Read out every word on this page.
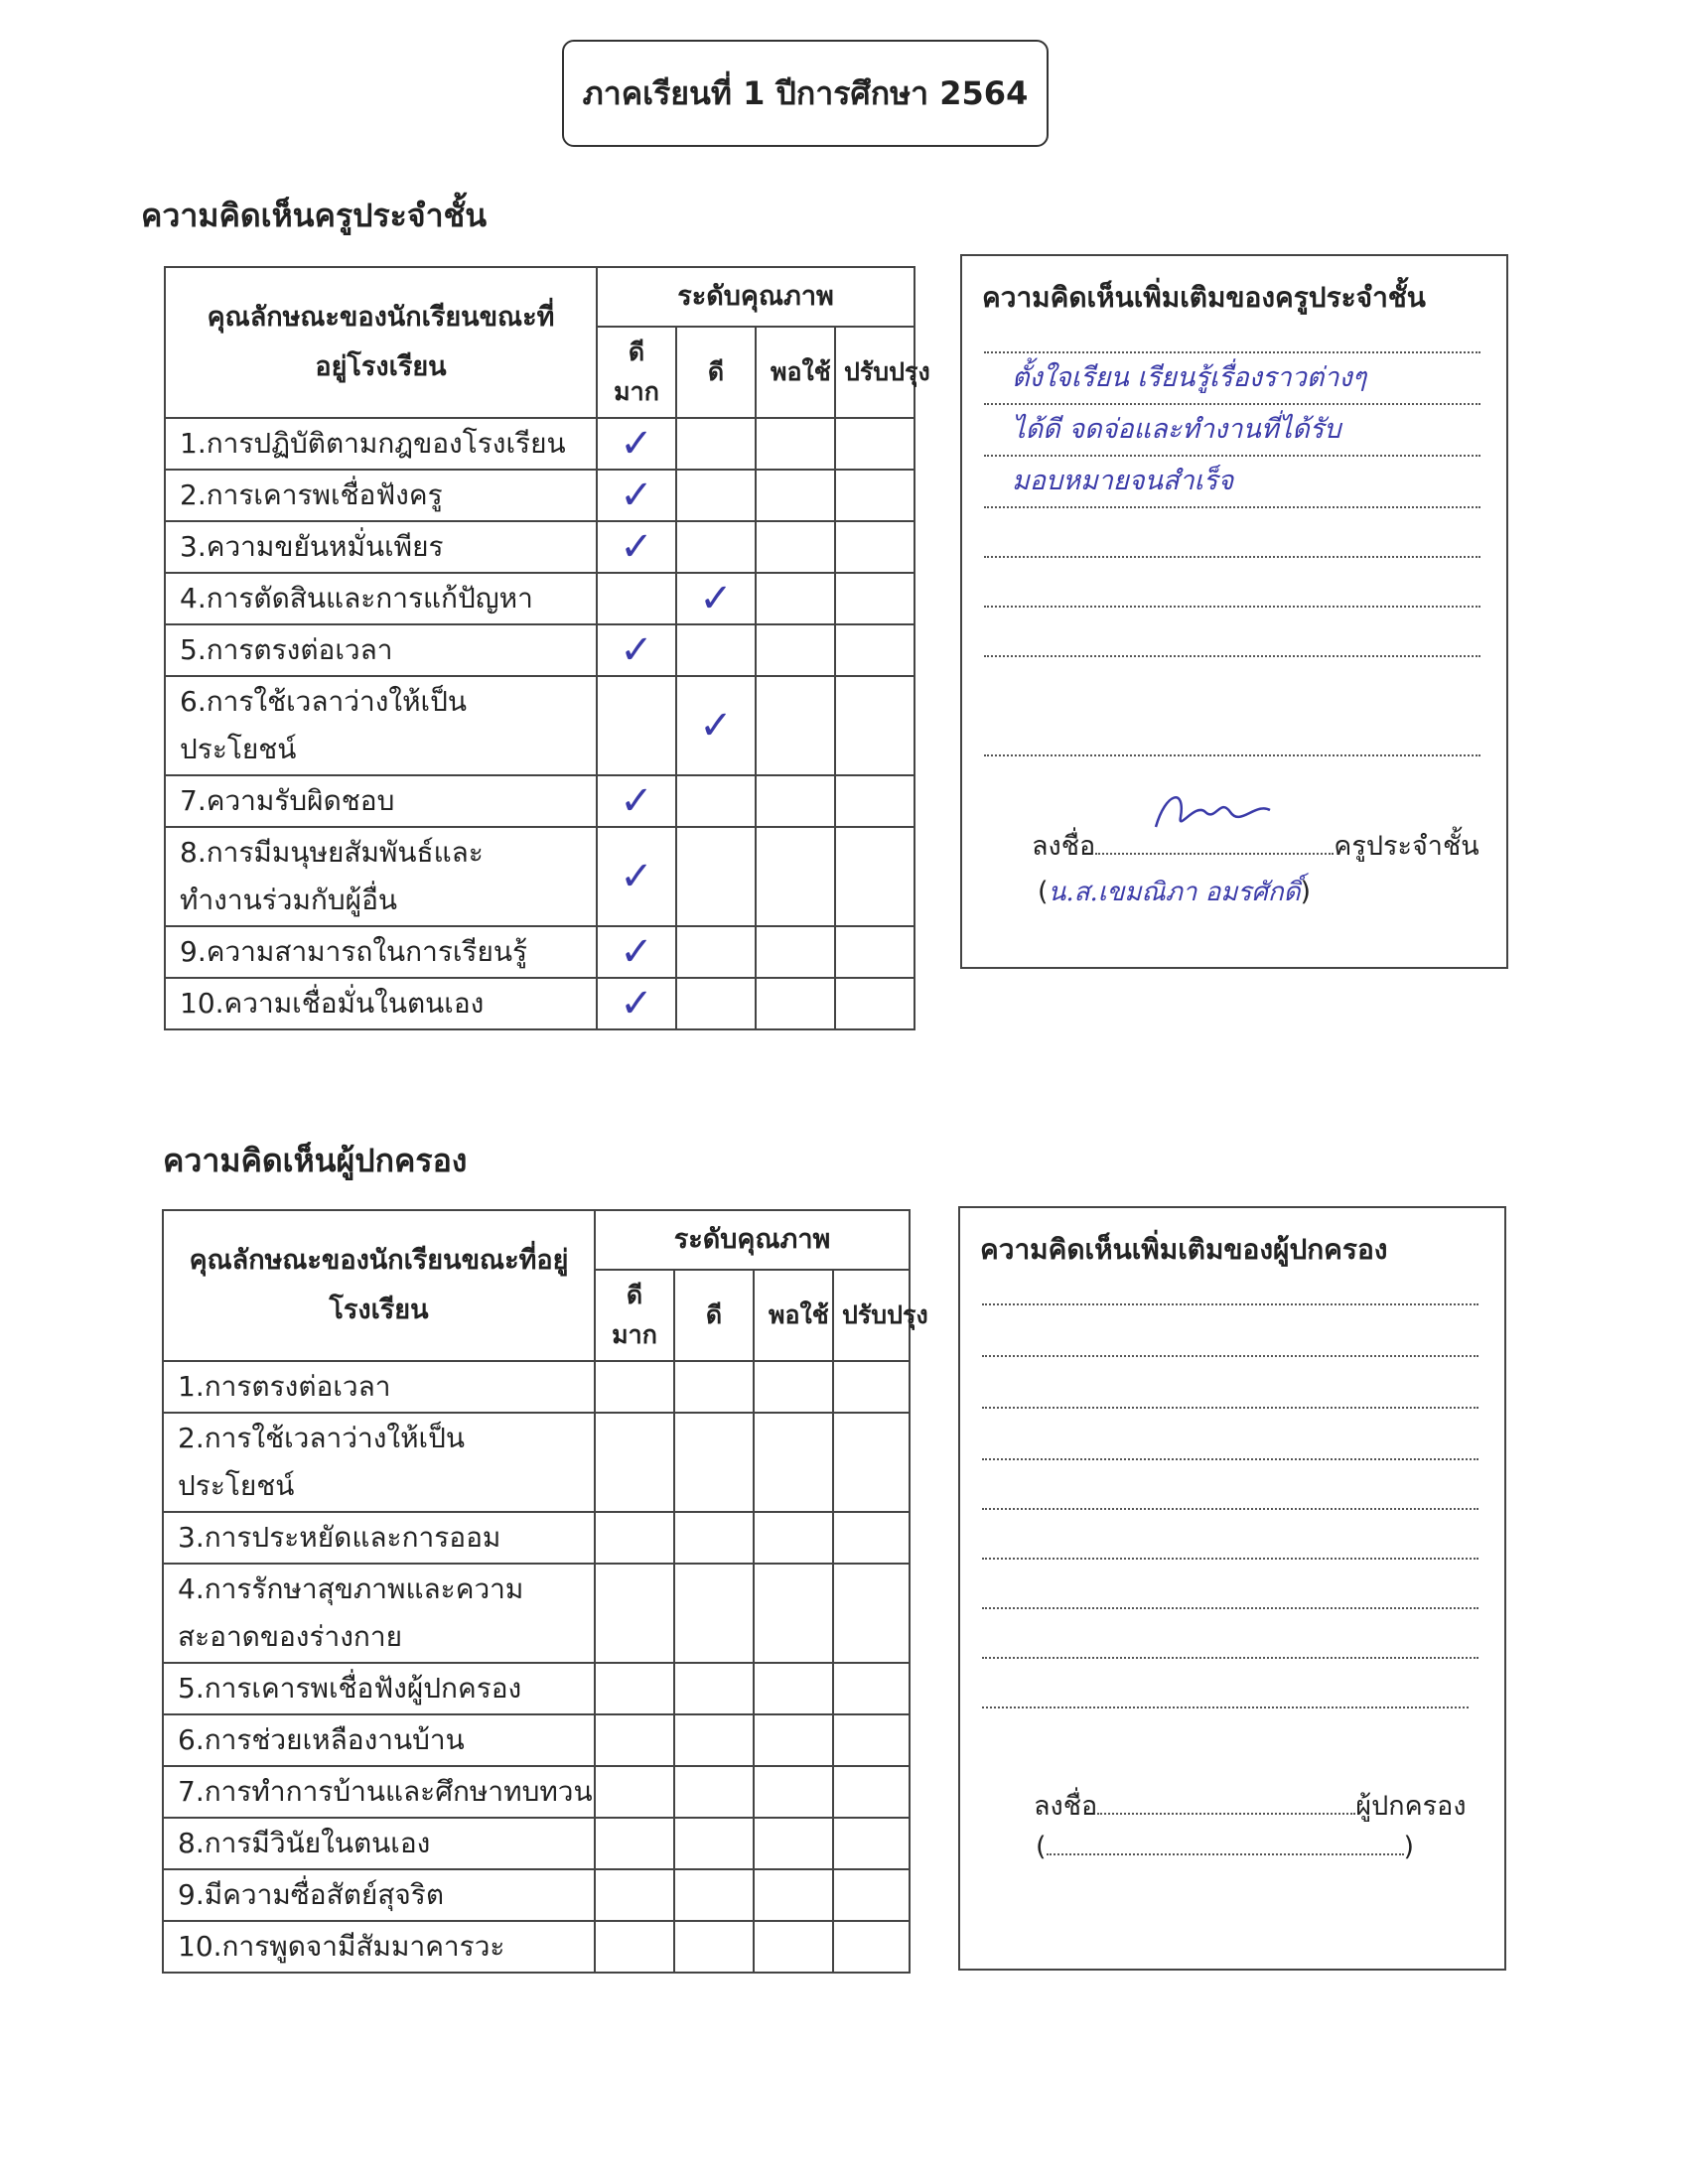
ภาคเรียนที่ 1 ปีการศึกษา 2564
ความคิดเห็นครูประจำชั้น
คุณลักษณะของนักเรียนขณะที่อยู่โรงเรียน	ระดับคุณภาพ			
	ดีมาก	ดี	พอใช้	ปรับปรุง
1.การปฏิบัติตามกฎของโรงเรียน	✓			
2.การเคารพเชื่อฟังครู	✓			
3.ความขยันหมั่นเพียร	✓			
4.การตัดสินและการแก้ปัญหา		✓		
5.การตรงต่อเวลา	✓			
6.การใช้เวลาว่างให้เป็นประโยชน์		✓		
7.ความรับผิดชอบ	✓			
8.การมีมนุษยสัมพันธ์และทำงานร่วมกับผู้อื่น	✓			
9.ความสามารถในการเรียนรู้	✓			
10.ความเชื่อมั่นในตนเอง	✓			
ความคิดเห็นเพิ่มเติมของครูประจำชั้น
ตั้งใจเรียน เรียนรู้เรื่องราวต่างๆ
ได้ดี จดจ่อและทำงานที่ได้รับ
มอบหมายจนสำเร็จ
ลงชื่อ	ครูประจำชั้น
(น.ส.เขมณิภา อมรศักดิ์)
ความคิดเห็นผู้ปกครอง
คุณลักษณะของนักเรียนขณะที่อยู่โรงเรียน	ระดับคุณภาพ			
	ดีมาก	ดี	พอใช้	ปรับปรุง
1.การตรงต่อเวลา				
2.การใช้เวลาว่างให้เป็นประโยชน์				
3.การประหยัดและการออม				
4.การรักษาสุขภาพและความสะอาดของร่างกาย				
5.การเคารพเชื่อฟังผู้ปกครอง				
6.การช่วยเหลืองานบ้าน				
7.การทำการบ้านและศึกษาทบทวน				
8.การมีวินัยในตนเอง				
9.มีความซื่อสัตย์สุจริต				
10.การพูดจามีสัมมาคารวะ				
ความคิดเห็นเพิ่มเติมของผู้ปกครอง
ลงชื่อ	ผู้ปกครอง
(	)
